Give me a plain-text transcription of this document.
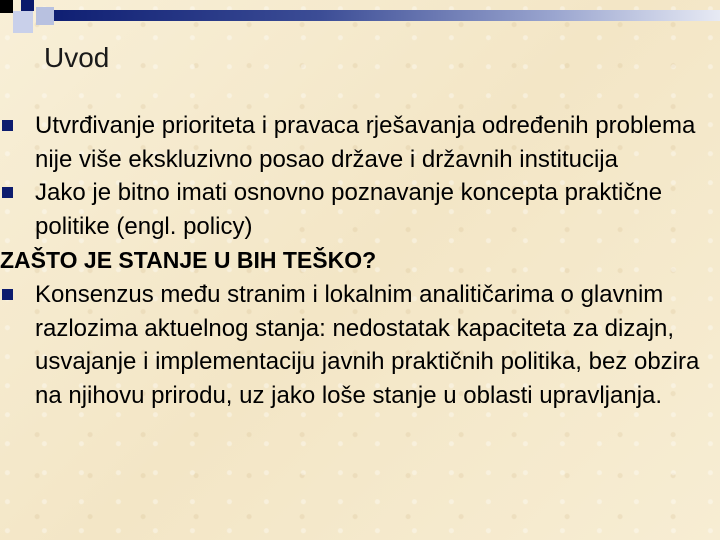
Uvod

Utvrđivanje prioriteta i pravaca rješavanja određenih problema nije više ekskluzivno posao države i državnih institucija

Jako je bitno imati osnovno poznavanje koncepta praktične politike (engl. policy)

ZAŠTO JE STANJE U BIH TEŠKO?

Konsenzus među stranim i lokalnim analitičarima o glavnim razlozima aktuelnog stanja: nedostatak kapaciteta za dizajn, usvajanje i implementaciju javnih praktičnih politika, bez obzira na njihovu prirodu, uz jako loše stanje u oblasti upravljanja.
